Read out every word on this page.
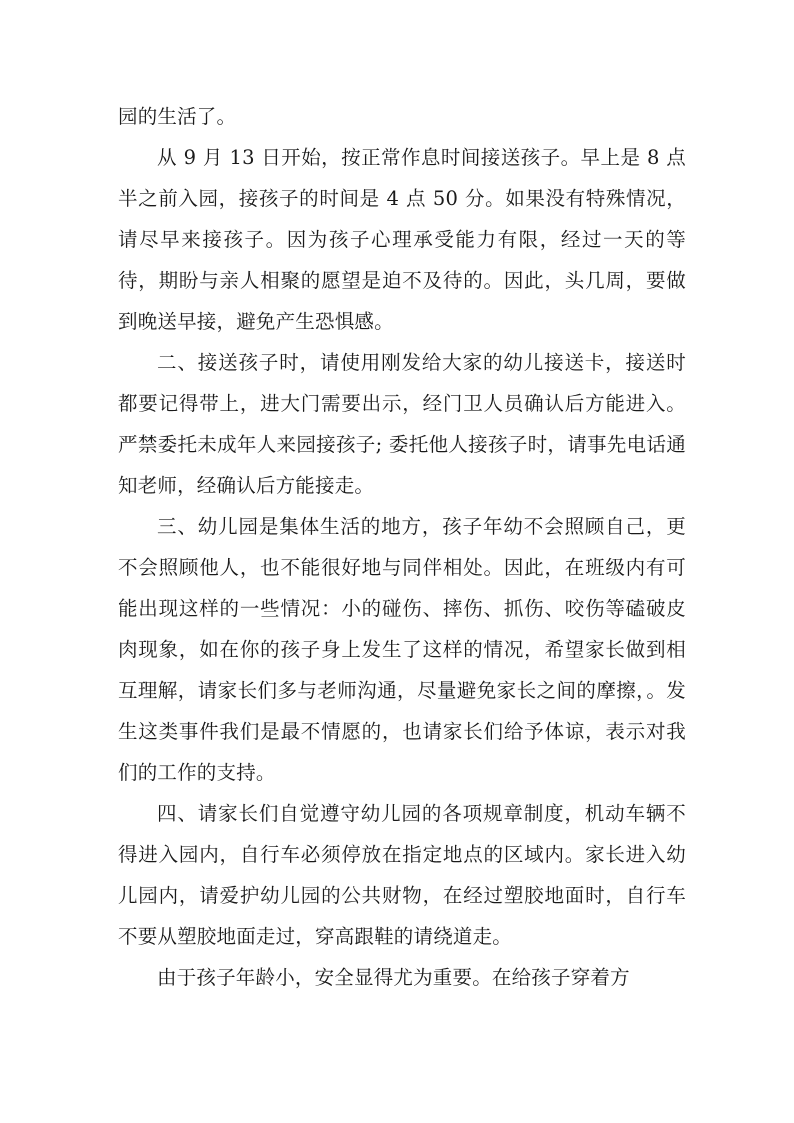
园的生活了。

从 9 月 13 日开始，按正常作息时间接送孩子。早上是 8 点半之前入园，接孩子的时间是 4 点 50 分。如果没有特殊情况，请尽早来接孩子。因为孩子心理承受能力有限，经过一天的等待，期盼与亲人相聚的愿望是迫不及待的。因此，头几周，要做到晚送早接，避免产生恐惧感。

二、接送孩子时，请使用刚发给大家的幼儿接送卡，接送时都要记得带上，进大门需要出示，经门卫人员确认后方能进入。严禁委托未成年人来园接孩子; 委托他人接孩子时，请事先电话通知老师，经确认后方能接走。

三、幼儿园是集体生活的地方，孩子年幼不会照顾自己，更不会照顾他人，也不能很好地与同伴相处。因此，在班级内有可能出现这样的一些情况：小的碰伤、摔伤、抓伤、咬伤等磕破皮肉现象，如在你的孩子身上发生了这样的情况，希望家长做到相互理解，请家长们多与老师沟通，尽量避免家长之间的摩擦，。发生这类事件我们是最不情愿的，也请家长们给予体谅，表示对我们的工作的支持。

四、请家长们自觉遵守幼儿园的各项规章制度，机动车辆不得进入园内，自行车必须停放在指定地点的区域内。家长进入幼儿园内，请爱护幼儿园的公共财物，在经过塑胶地面时，自行车不要从塑胶地面走过，穿高跟鞋的请绕道走。

由于孩子年龄小，安全显得尤为重要。在给孩子穿着方
